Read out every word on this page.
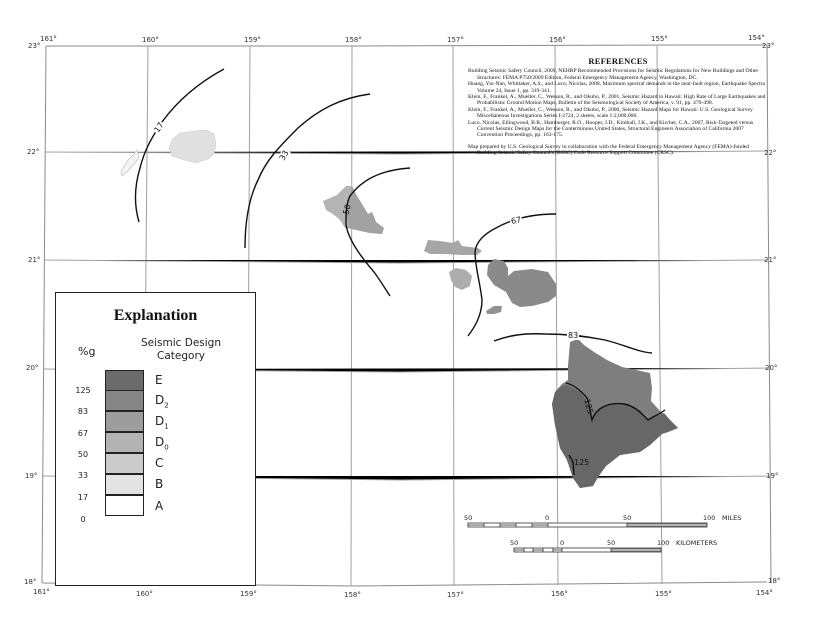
161°	160°	159°	158°	157°	156°	155°	154°
161°	160°	159°	158°	157°	156°	155°	154°
23°
22°
21°
20°
19°
18°
23°
22°
21°
20°
19°
18°
17
33
50
67
83
125
125
REFERENCES

Building Seismic Safety Council, 2009, NEHRP Recommended Provisions for Seismic Regulations for New Buildings and Other Structures: FEMA P750/2009 Edition, Federal Emergency Management Agency, Washington, DC.

Huang, Yin-Nan, Whittaker, A.S., and Luco, Nicolas, 2008, Maximum spectral demands in the near-fault region, Earthquake Spectra Volume 24, Issue 1, pp. 319-341.

Klein, F., Frankel, A., Mueller, C., Wesson, R., and Okubo, P., 2001, Seismic Hazard in Hawaii: High Rate of Large Earthquakes and Probabilistic Ground Motion Maps, Bulletin of the Seismological Society of America, v. 91, pp. 479-498.

Klein, F., Frankel, A., Mueller, C., Wesson, R., and Okubo, P., 2000, Seismic Hazard Maps for Hawaii: U.S. Geological Survey Miscellaneous Investigations Series I-2724, 2 sheets, scale 1:2,000,000.

Luco, Nicolas, Ellingwood, B.R., Hamburger, R.O., Hooper, J.D., Kimball, J.K., and Kircher, C.A., 2007, Risk-Targeted versus Current Seismic Design Maps for the Conterminous United States, Structural Engineers Association of California 2007 Convention Proceedings, pp. 163-175.

Map prepared by U.S. Geological Survey in collaboration with the Federal Emergency Management Agency (FEMA)-funded Building Seismic Safety Council's (BSSC) Code Resource Support Committee (CRSC).

Explanation
%g
Seismic Design
Category
E
$D_2$
$D_1$
$D_0$
C
B
A
125
83
67
50
33
17
0	50	0	50	100 MILES
50	0	50	100 KILOMETERS
